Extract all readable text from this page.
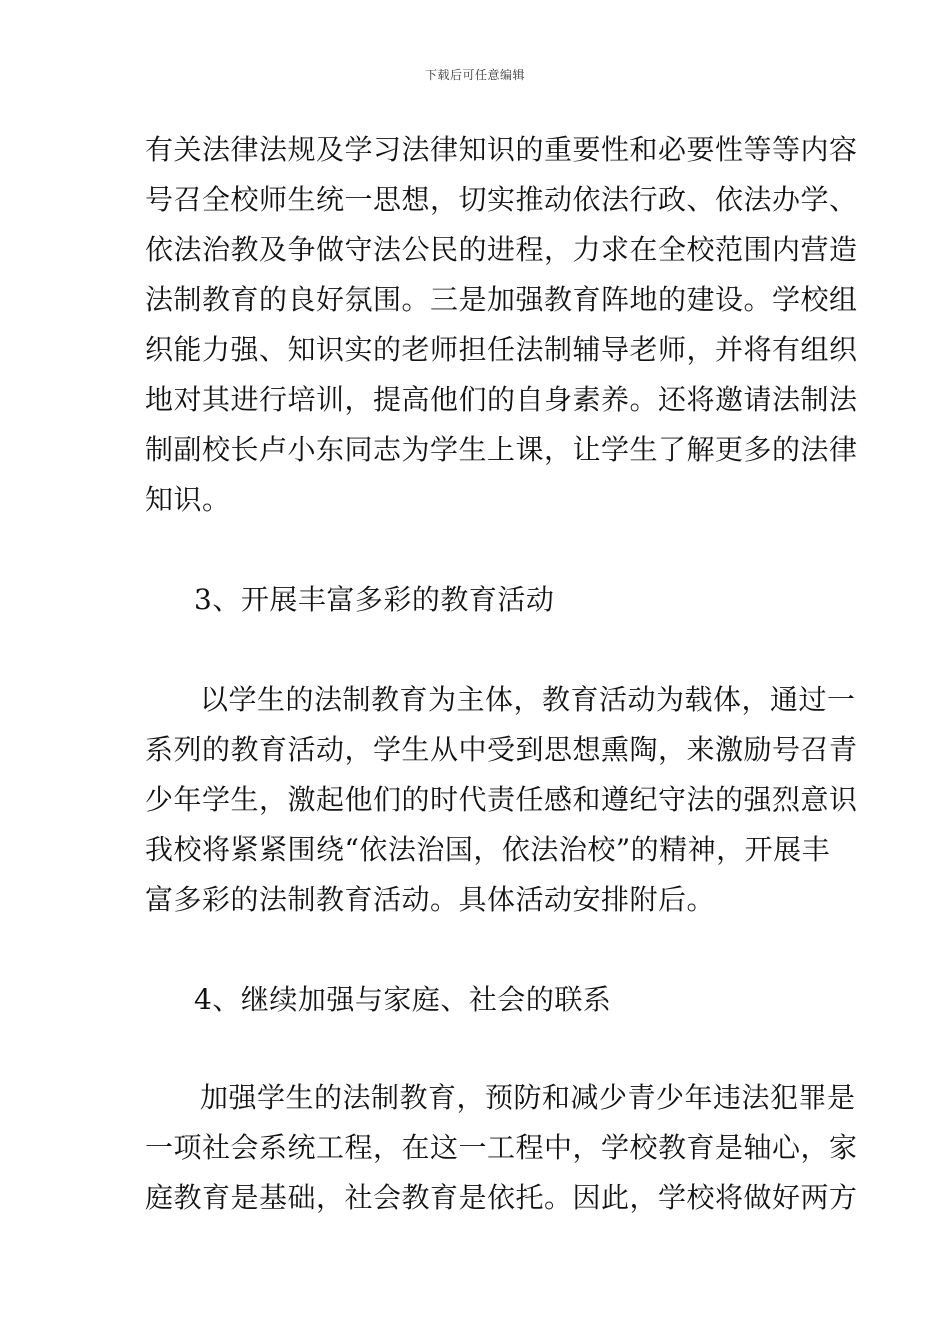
下载后可任意编辑
有关法律法规及学习法律知识的重要性和必要性等等内容
号召全校师生统一思想，切实推动依法行政、依法办学、
依法治教及争做守法公民的进程，力求在全校范围内营造
法制教育的良好氛围。三是加强教育阵地的建设。学校组
织能力强、知识实的老师担任法制辅导老师，并将有组织
地对其进行培训，提高他们的自身素养。还将邀请法制法
制副校长卢小东同志为学生上课，让学生了解更多的法律
知识。
3、开展丰富多彩的教育活动
以学生的法制教育为主体，教育活动为载体，通过一
系列的教育活动，学生从中受到思想熏陶，来激励号召青
少年学生，激起他们的时代责任感和遵纪守法的强烈意识
我校将紧紧围绕“依法治国，依法治校”的精神，开展丰
富多彩的法制教育活动。具体活动安排附后。
4、继续加强与家庭、社会的联系
加强学生的法制教育，预防和减少青少年违法犯罪是
一项社会系统工程，在这一工程中，学校教育是轴心，家
庭教育是基础，社会教育是依托。因此，学校将做好两方
